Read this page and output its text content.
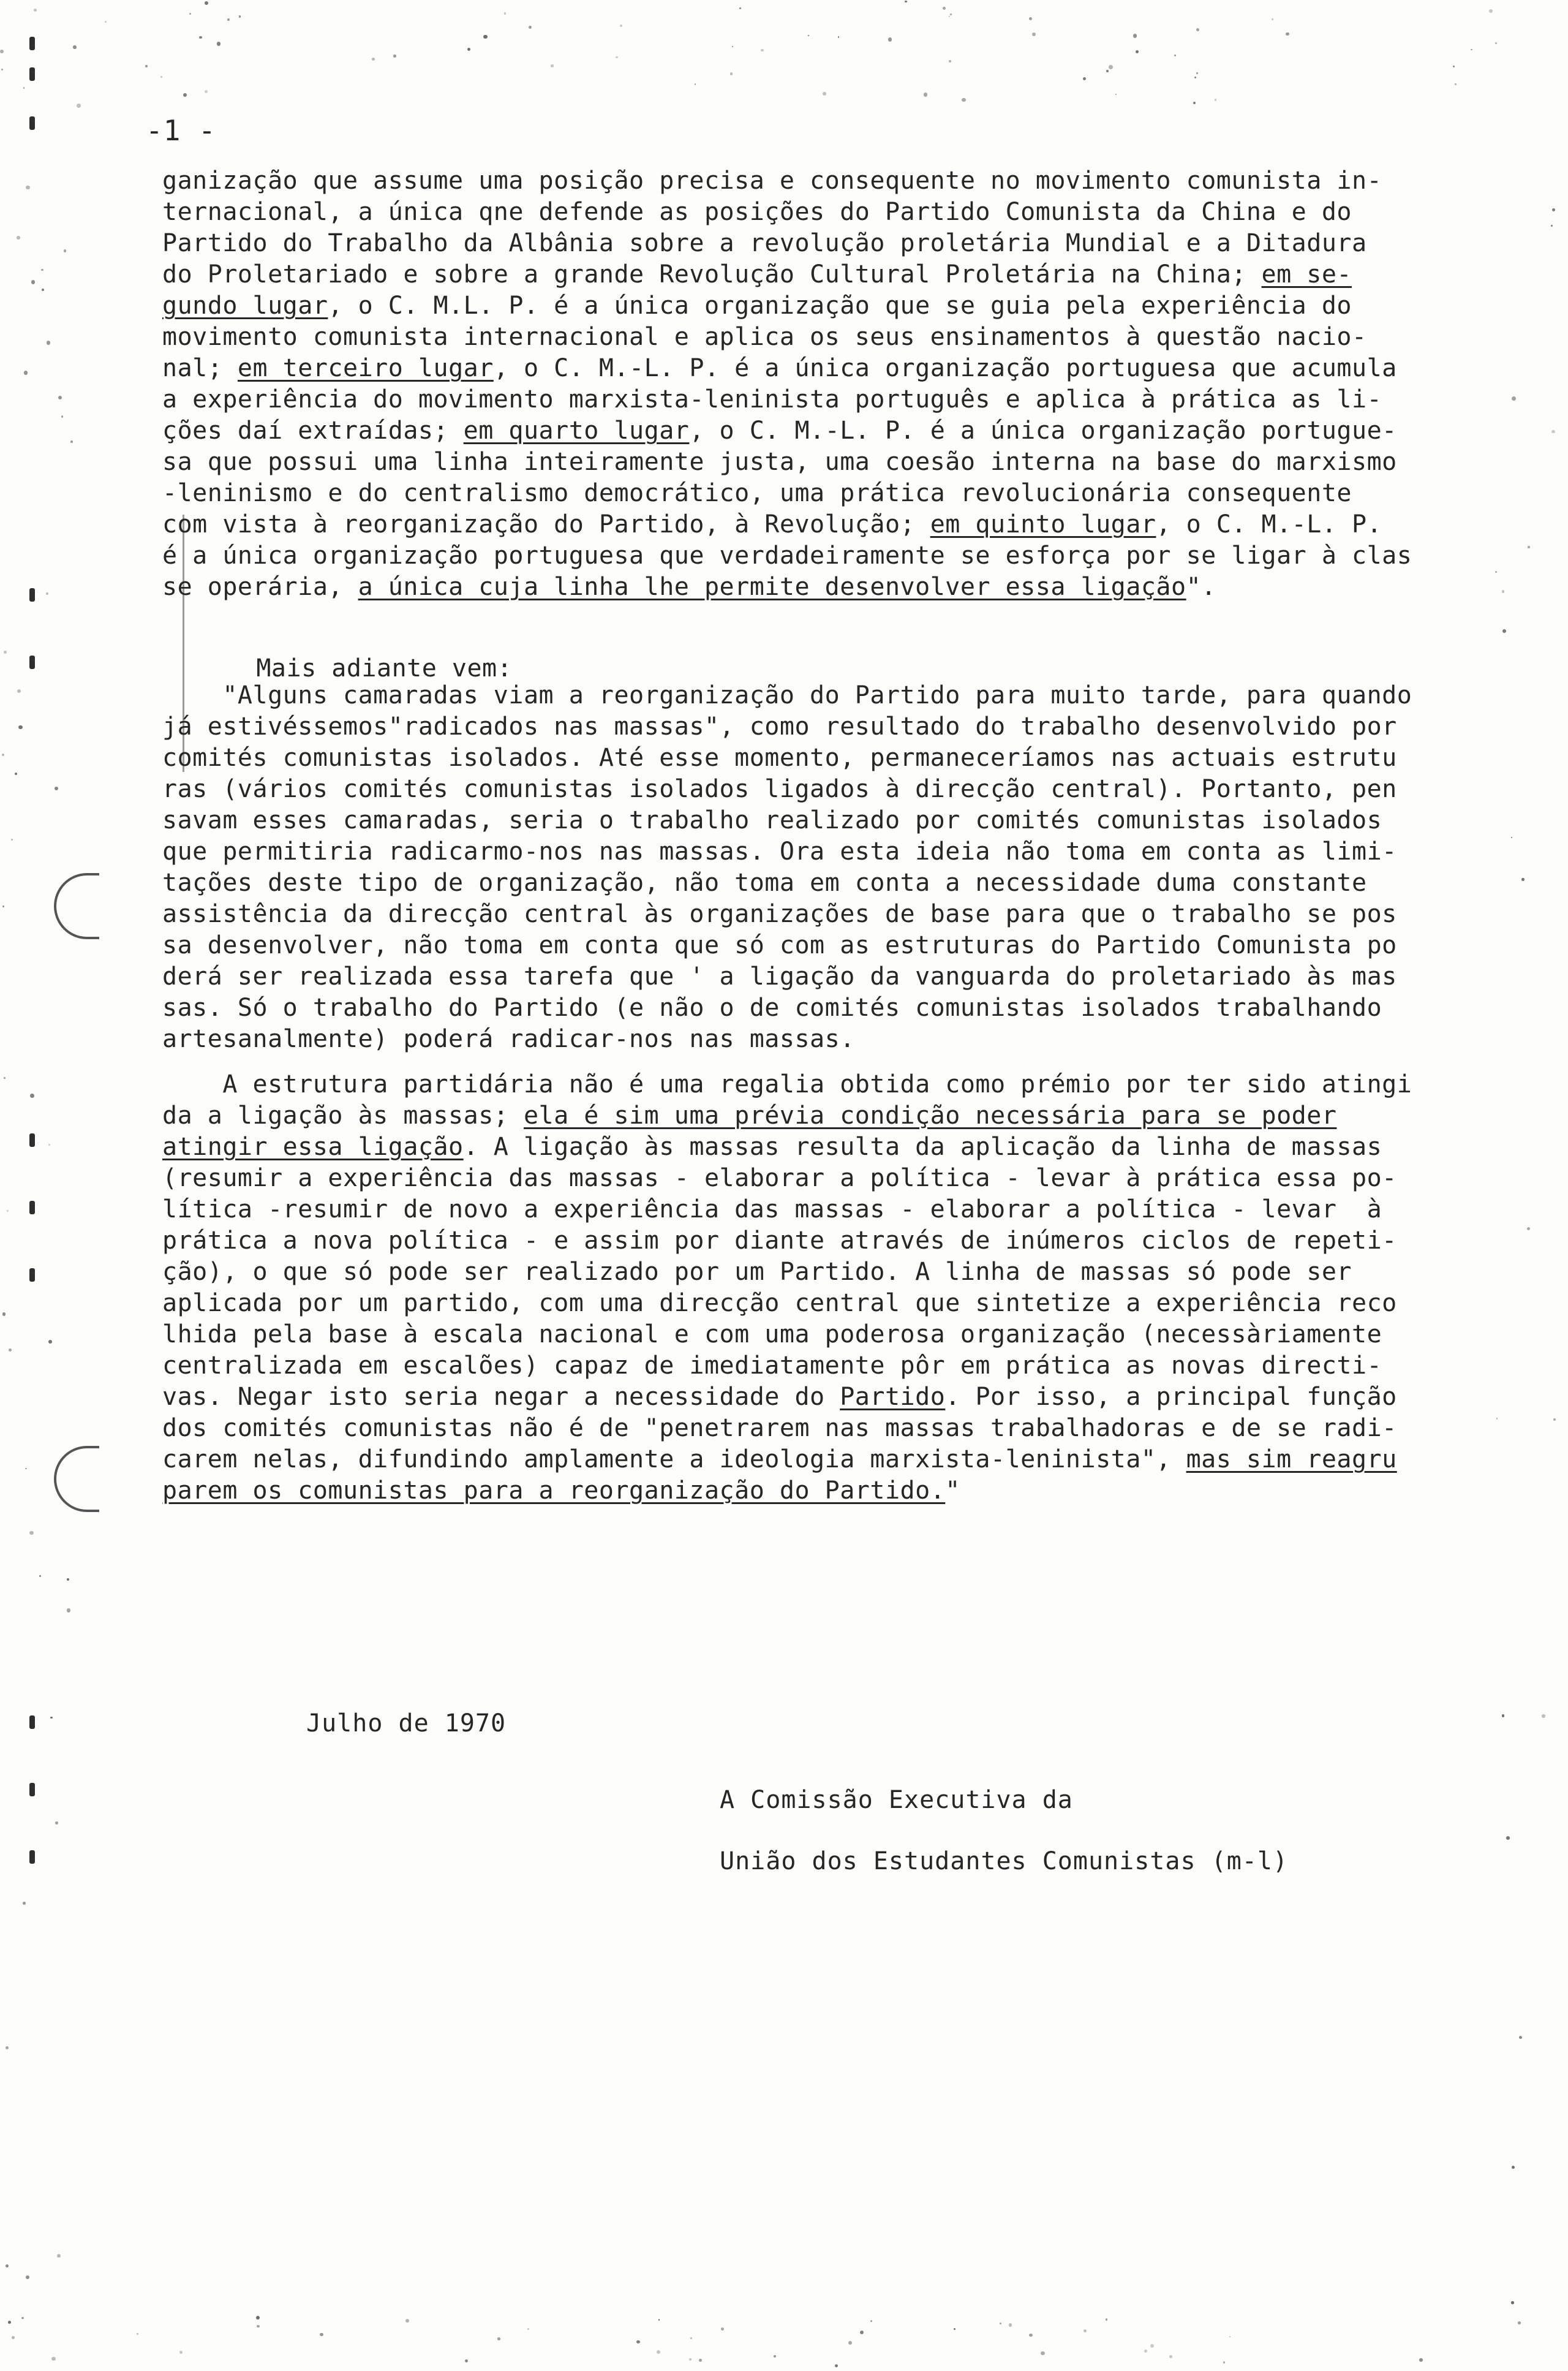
-1 -
ganização que assume uma posição precisa e consequente no movimento comunista in-
ternacional, a única qne defende as posições do Partido Comunista da China e do
Partido do Trabalho da Albânia sobre a revolução proletária Mundial e a Ditadura
do Proletariado e sobre a grande Revolução Cultural Proletária na China; em se-
gundo lugar, o C. M.L. P. é a única organização que se guia pela experiência do
movimento comunista internacional e aplica os seus ensinamentos à questão nacio-
nal; em terceiro lugar, o C. M.-L. P. é a única organização portuguesa que acumula
a experiência do movimento marxista-leninista português e aplica à prática as li-
ções daí extraídas; em quarto lugar, o C. M.-L. P. é a única organização portugue-
sa que possui uma linha inteiramente justa, uma coesão interna na base do marxismo
-leninismo e do centralismo democrático, uma prática revolucionária consequente
com vista à reorganização do Partido, à Revolução; em quinto lugar, o C. M.-L. P.
é a única organização portuguesa que verdadeiramente se esforça por se ligar à clas
se operária, a única cuja linha lhe permite desenvolver essa ligação".

Mais adiante vem:

"Alguns camaradas viam a reorganização do Partido para muito tarde, para quando
já estivéssemos"radicados nas massas", como resultado do trabalho desenvolvido por
comités comunistas isolados. Até esse momento, permaneceríamos nas actuais estrutu
ras (vários comités comunistas isolados ligados à direcção central). Portanto, pen
savam esses camaradas, seria o trabalho realizado por comités comunistas isolados
que permitiria radicarmo-nos nas massas. Ora esta ideia não toma em conta as limi-
tações deste tipo de organização, não toma em conta a necessidade duma constante
assistência da direcção central às organizações de base para que o trabalho se pos
sa desenvolver, não toma em conta que só com as estruturas do Partido Comunista po
derá ser realizada essa tarefa que ' a ligação da vanguarda do proletariado às mas
sas. Só o trabalho do Partido (e não o de comités comunistas isolados trabalhando
artesanalmente) poderá radicar-nos nas massas.
A estrutura partidária não é uma regalia obtida como prémio por ter sido atingi
da a ligação às massas; ela é sim uma prévia condição necessária para se poder
atingir essa ligação. A ligação às massas resulta da aplicação da linha de massas
(resumir a experiência das massas - elaborar a política - levar à prática essa po-
lítica -resumir de novo a experiência das massas - elaborar a política - levar  à
prática a nova política - e assim por diante através de inúmeros ciclos de repeti-
ção), o que só pode ser realizado por um Partido. A linha de massas só pode ser
aplicada por um partido, com uma direcção central que sintetize a experiência reco
lhida pela base à escala nacional e com uma poderosa organização (necessàriamente
centralizada em escalões) capaz de imediatamente pôr em prática as novas directi-
vas. Negar isto seria negar a necessidade do Partido. Por isso, a principal função
dos comités comunistas não é de "penetrarem nas massas trabalhadoras e de se radi-
carem nelas, difundindo amplamente a ideologia marxista-leninista", mas sim reagru
parem os comunistas para a reorganização do Partido."
Julho de 1970
A Comissão Executiva da
União dos Estudantes Comunistas (m-l)
